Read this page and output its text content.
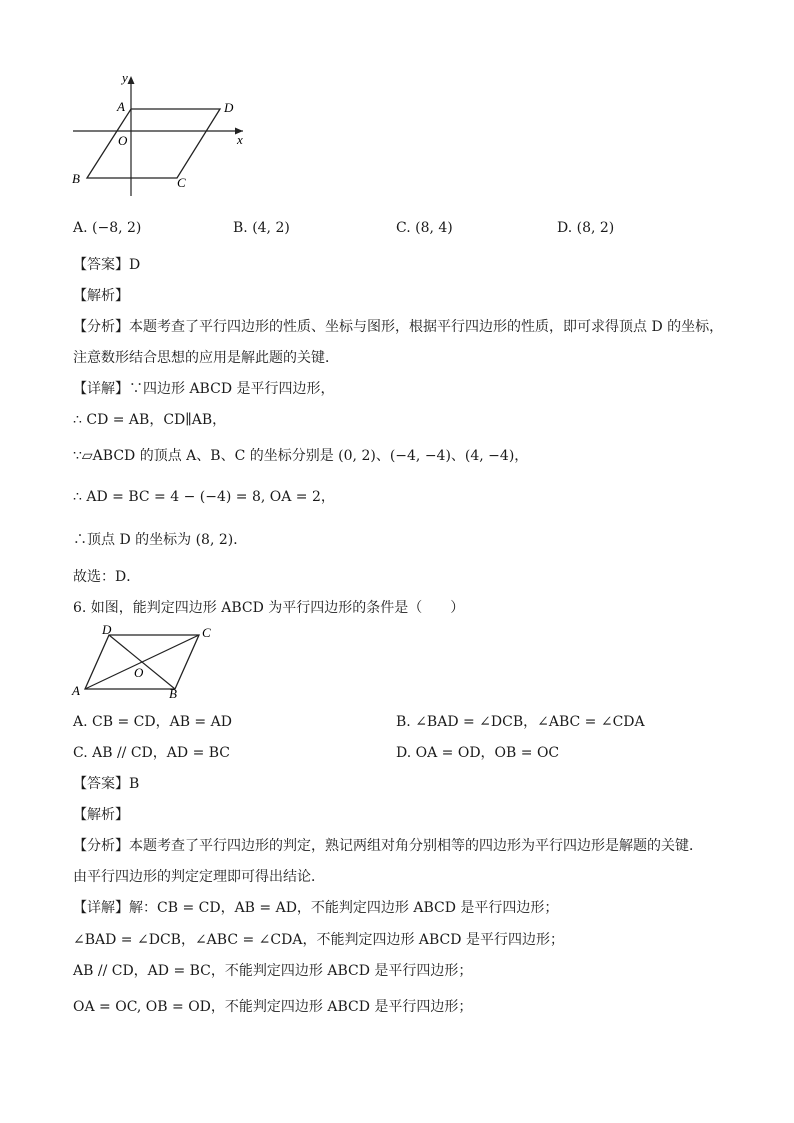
y
x
A	D
O
B	C
A. (−8, 2)	B. (4, 2)	C. (8, 4)	D. (8, 2)
【答案】D
【解析】
【分析】本题考查了平行四边形的性质、坐标与图形，根据平行四边形的性质，即可求得顶点 D 的坐标，
注意数形结合思想的应用是解此题的关键．
【详解】∵四边形 ABCD 是平行四边形，
∴ CD = AB，CD∥AB，
∵▱ABCD 的顶点 A、B、C 的坐标分别是 (0, 2)、(−4, −4)、(4, −4)，
∴ AD = BC = 4 − (−4) = 8, OA = 2，
∴顶点 D 的坐标为 (8, 2)．
故选：D．
6. 如图，能判定四边形 ABCD 为平行四边形的条件是（　　）
D	C
O
A	B
A. CB = CD，AB = AD	B. ∠BAD = ∠DCB，∠ABC = ∠CDA
C. AB // CD，AD = BC	D. OA = OD，OB = OC
【答案】B
【解析】
【分析】本题考查了平行四边形的判定，熟记两组对角分别相等的四边形为平行四边形是解题的关键．
由平行四边形的判定定理即可得出结论．
【详解】解：CB = CD，AB = AD，不能判定四边形 ABCD 是平行四边形；
∠BAD = ∠DCB，∠ABC = ∠CDA，不能判定四边形 ABCD 是平行四边形；
AB // CD，AD = BC，不能判定四边形 ABCD 是平行四边形；
OA = OC, OB = OD，不能判定四边形 ABCD 是平行四边形；
